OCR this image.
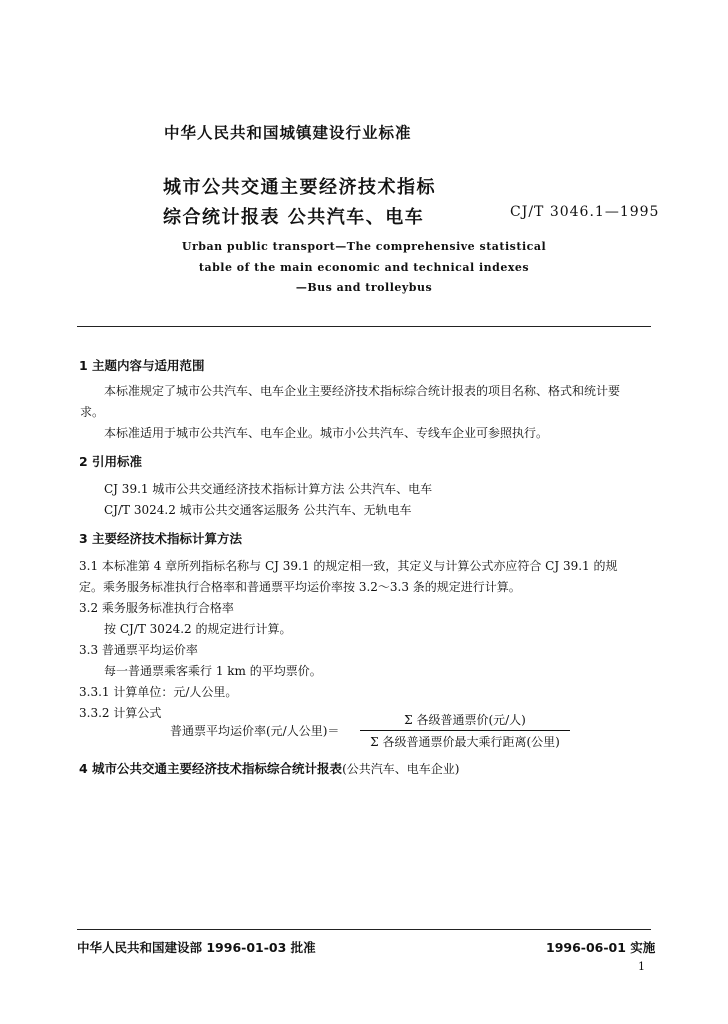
中华人民共和国城镇建设行业标准
城市公共交通主要经济技术指标
综合统计报表 公共汽车、电车	CJ/T 3046.1—1995
Urban public transport—The comprehensive statistical
table of the main economic and technical indexes
—Bus and trolleybus
1 主题内容与适用范围
本标准规定了城市公共汽车、电车企业主要经济技术指标综合统计报表的项目名称、格式和统计要
求。
本标准适用于城市公共汽车、电车企业。城市小公共汽车、专线车企业可参照执行。
2 引用标准
CJ 39.1 城市公共交通经济技术指标计算方法 公共汽车、电车
CJ/T 3024.2 城市公共交通客运服务 公共汽车、无轨电车
3 主要经济技术指标计算方法
3.1 本标准第 4 章所列指标名称与 CJ 39.1 的规定相一致，其定义与计算公式亦应符合 CJ 39.1 的规
定。乘务服务标准执行合格率和普通票平均运价率按 3.2～3.3 条的规定进行计算。
3.2 乘务服务标准执行合格率
按 CJ/T 3024.2 的规定进行计算。
3.3 普通票平均运价率
每一普通票乘客乘行 1 km 的平均票价。
3.3.1 计算单位：元/人公里。
3.3.2 计算公式
普通票平均运价率(元/人公里)＝
Σ 各级普通票价(元/人)
Σ 各级普通票价最大乘行距离(公里)
4 城市公共交通主要经济技术指标综合统计报表(公共汽车、电车企业)
中华人民共和国建设部 1996-01-03 批准	1996-06-01 实施
1
